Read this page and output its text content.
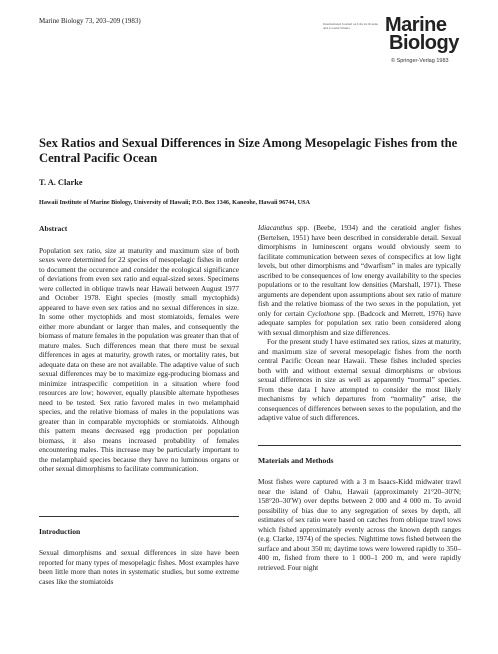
Marine Biology 73, 203–209 (1983)	International Journal on Life in Oceans and Coastal Waters	Marine
Biology
© Springer-Verlag 1983
Sex Ratios and Sexual Differences in Size Among Mesopelagic Fishes from the Central Pacific Ocean
T. A. Clarke
Hawaii Institute of Marine Biology, University of Hawaii; P.O. Box 1346, Kaneohe, Hawaii 96744, USA
Abstract

Population sex ratio, size at maturity and maximum size of both sexes were determined for 22 species of mesopelagic fishes in order to document the occurence and consider the ecological significance of deviations from even sex ratio and equal-sized sexes. Specimens were collected in oblique trawls near Hawaii between August 1977 and October 1978. Eight species (mostly small myctophids) appeared to have even sex ratios and no sexual differences in size. In some other myctophids and most stomiatoids, females were either more abundant or larger than males, and consequently the biomass of mature females in the population was greater than that of mature males. Such differences mean that there must be sexual differences in ages at maturity, growth rates, or mortality rates, but adequate data on these are not available. The adaptive value of such sexual differences may be to maximize egg-producing biomass and minimize intraspecific competition in a situation where food resources are low; however, equally plausible alternate hypotheses need to be tested. Sex ratio favored males in two melamphaid species, and the relative biomass of males in the populations was greater than in comparable myctophids or stomiatoids. Although this pattern means decreased egg production per population biomass, it also means increased probability of females encountering males. This increase may be particularly important to the melamphaid species because they have no luminous organs or other sexual dimorphisms to facilitate communication.

Introduction

Sexual dimorphisms and sexual differences in size have been reported for many types of mesopelagic fishes. Most examples have been little more than notes in systematic studies, but some extreme cases like the stomiatoids

Idiacanthus spp. (Beebe, 1934) and the ceratioid angler fishes (Bertelsen, 1951) have been described in considerable detail. Sexual dimorphisms in luminescent organs would obviously seem to facilitate communication between sexes of conspecifics at low light levels, but other dimorphisms and “dwarfism” in males are typically ascribed to be consequences of low energy availability to the species populations or to the resultant low densities (Marshall, 1971). These arguments are dependent upon assumptions about sex ratio of mature fish and the relative biomass of the two sexes in the population, yet only for certain Cyclothone spp. (Badcock and Merrett, 1976) have adequate samples for population sex ratio been considered along with sexual dimorphism and size differences.

For the present study I have estimated sex ratios, sizes at maturity, and maximum size of several mesopelagic fishes from the north central Pacific Ocean near Hawaii. These fishes included species both with and without external sexual dimorphisms or obvious sexual differences in size as well as apparently “normal” species. From these data I have attempted to consider the most likely mechanisms by which departures from “normality” arise, the consequences of differences between sexes to the population, and the adaptive value of such differences.

Materials and Methods

Most fishes were captured with a 3 m Isaacs-Kidd midwater trawl near the island of Oahu, Hawaii (approximately 21°20–30′N; 158°20–30′W) over depths between 2 000 and 4 000 m. To avoid possibility of bias due to any segregation of sexes by depth, all estimates of sex ratio were based on catches from oblique trawl tows which fished approximately evenly across the known depth ranges (e.g. Clarke, 1974) of the species. Nighttime tows fished between the surface and about 350 m; daytime tows were lowered rapidly to 350–400 m, fished from there to 1 000–1 200 m, and were rapidly retrieved. Four night
